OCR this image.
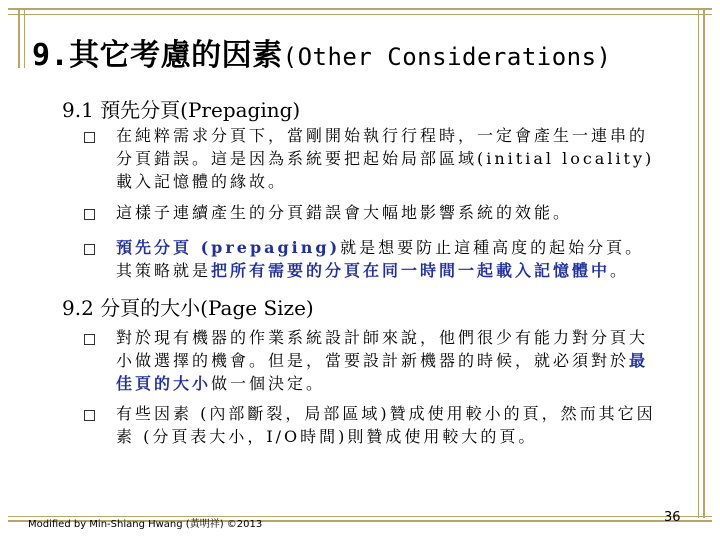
9.其它考慮的因素(Other Considerations)
9.1 預先分頁(Prepaging)
在純粹需求分頁下，當剛開始執行行程時，一定會產生一連串的分頁錯誤。這是因為系統要把起始局部區域(initial locality)載入記憶體的緣故。
這樣子連續產生的分頁錯誤會大幅地影響系統的效能。
預先分頁 (prepaging)就是想要防止這種高度的起始分頁。其策略就是把所有需要的分頁在同一時間一起載入記憶體中。
9.2 分頁的大小(Page Size)
對於現有機器的作業系統設計師來說，他們很少有能力對分頁大小做選擇的機會。但是，當要設計新機器的時候，就必須對於最佳頁的大小做一個決定。
有些因素 (內部斷裂，局部區域)贊成使用較小的頁，然而其它因素 (分頁表大小，I/O時間)則贊成使用較大的頁。
Modified by Min-Shiang Hwang (黃明祥) ©2013	36
